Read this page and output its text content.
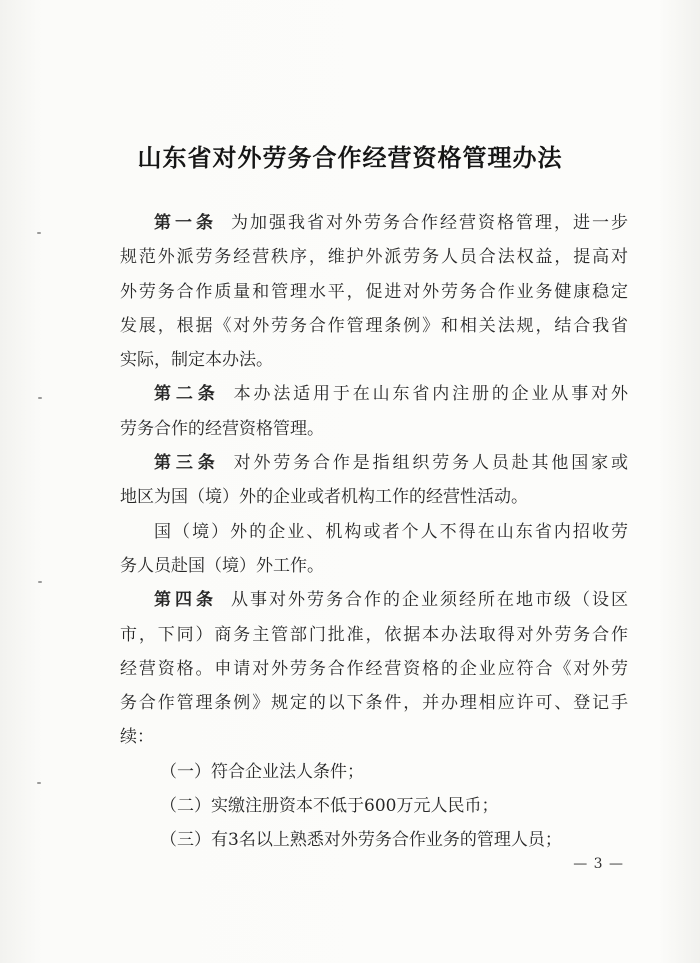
山东省对外劳务合作经营资格管理办法
第一条 为加强我省对外劳务合作经营资格管理，进一步
规范外派劳务经营秩序，维护外派劳务人员合法权益，提高对
外劳务合作质量和管理水平，促进对外劳务合作业务健康稳定
发展，根据《对外劳务合作管理条例》和相关法规，结合我省
实际，制定本办法。
第二条 本办法适用于在山东省内注册的企业从事对外
劳务合作的经营资格管理。
第三条 对外劳务合作是指组织劳务人员赴其他国家或
地区为国（境）外的企业或者机构工作的经营性活动。
国（境）外的企业、机构或者个人不得在山东省内招收劳
务人员赴国（境）外工作。
第四条 从事对外劳务合作的企业须经所在地市级（设区
市，下同）商务主管部门批准，依据本办法取得对外劳务合作
经营资格。申请对外劳务合作经营资格的企业应符合《对外劳
务合作管理条例》规定的以下条件，并办理相应许可、登记手
续：
（一）符合企业法人条件；
（二）实缴注册资本不低于600万元人民币；
（三）有3名以上熟悉对外劳务合作业务的管理人员；
— 3 —
